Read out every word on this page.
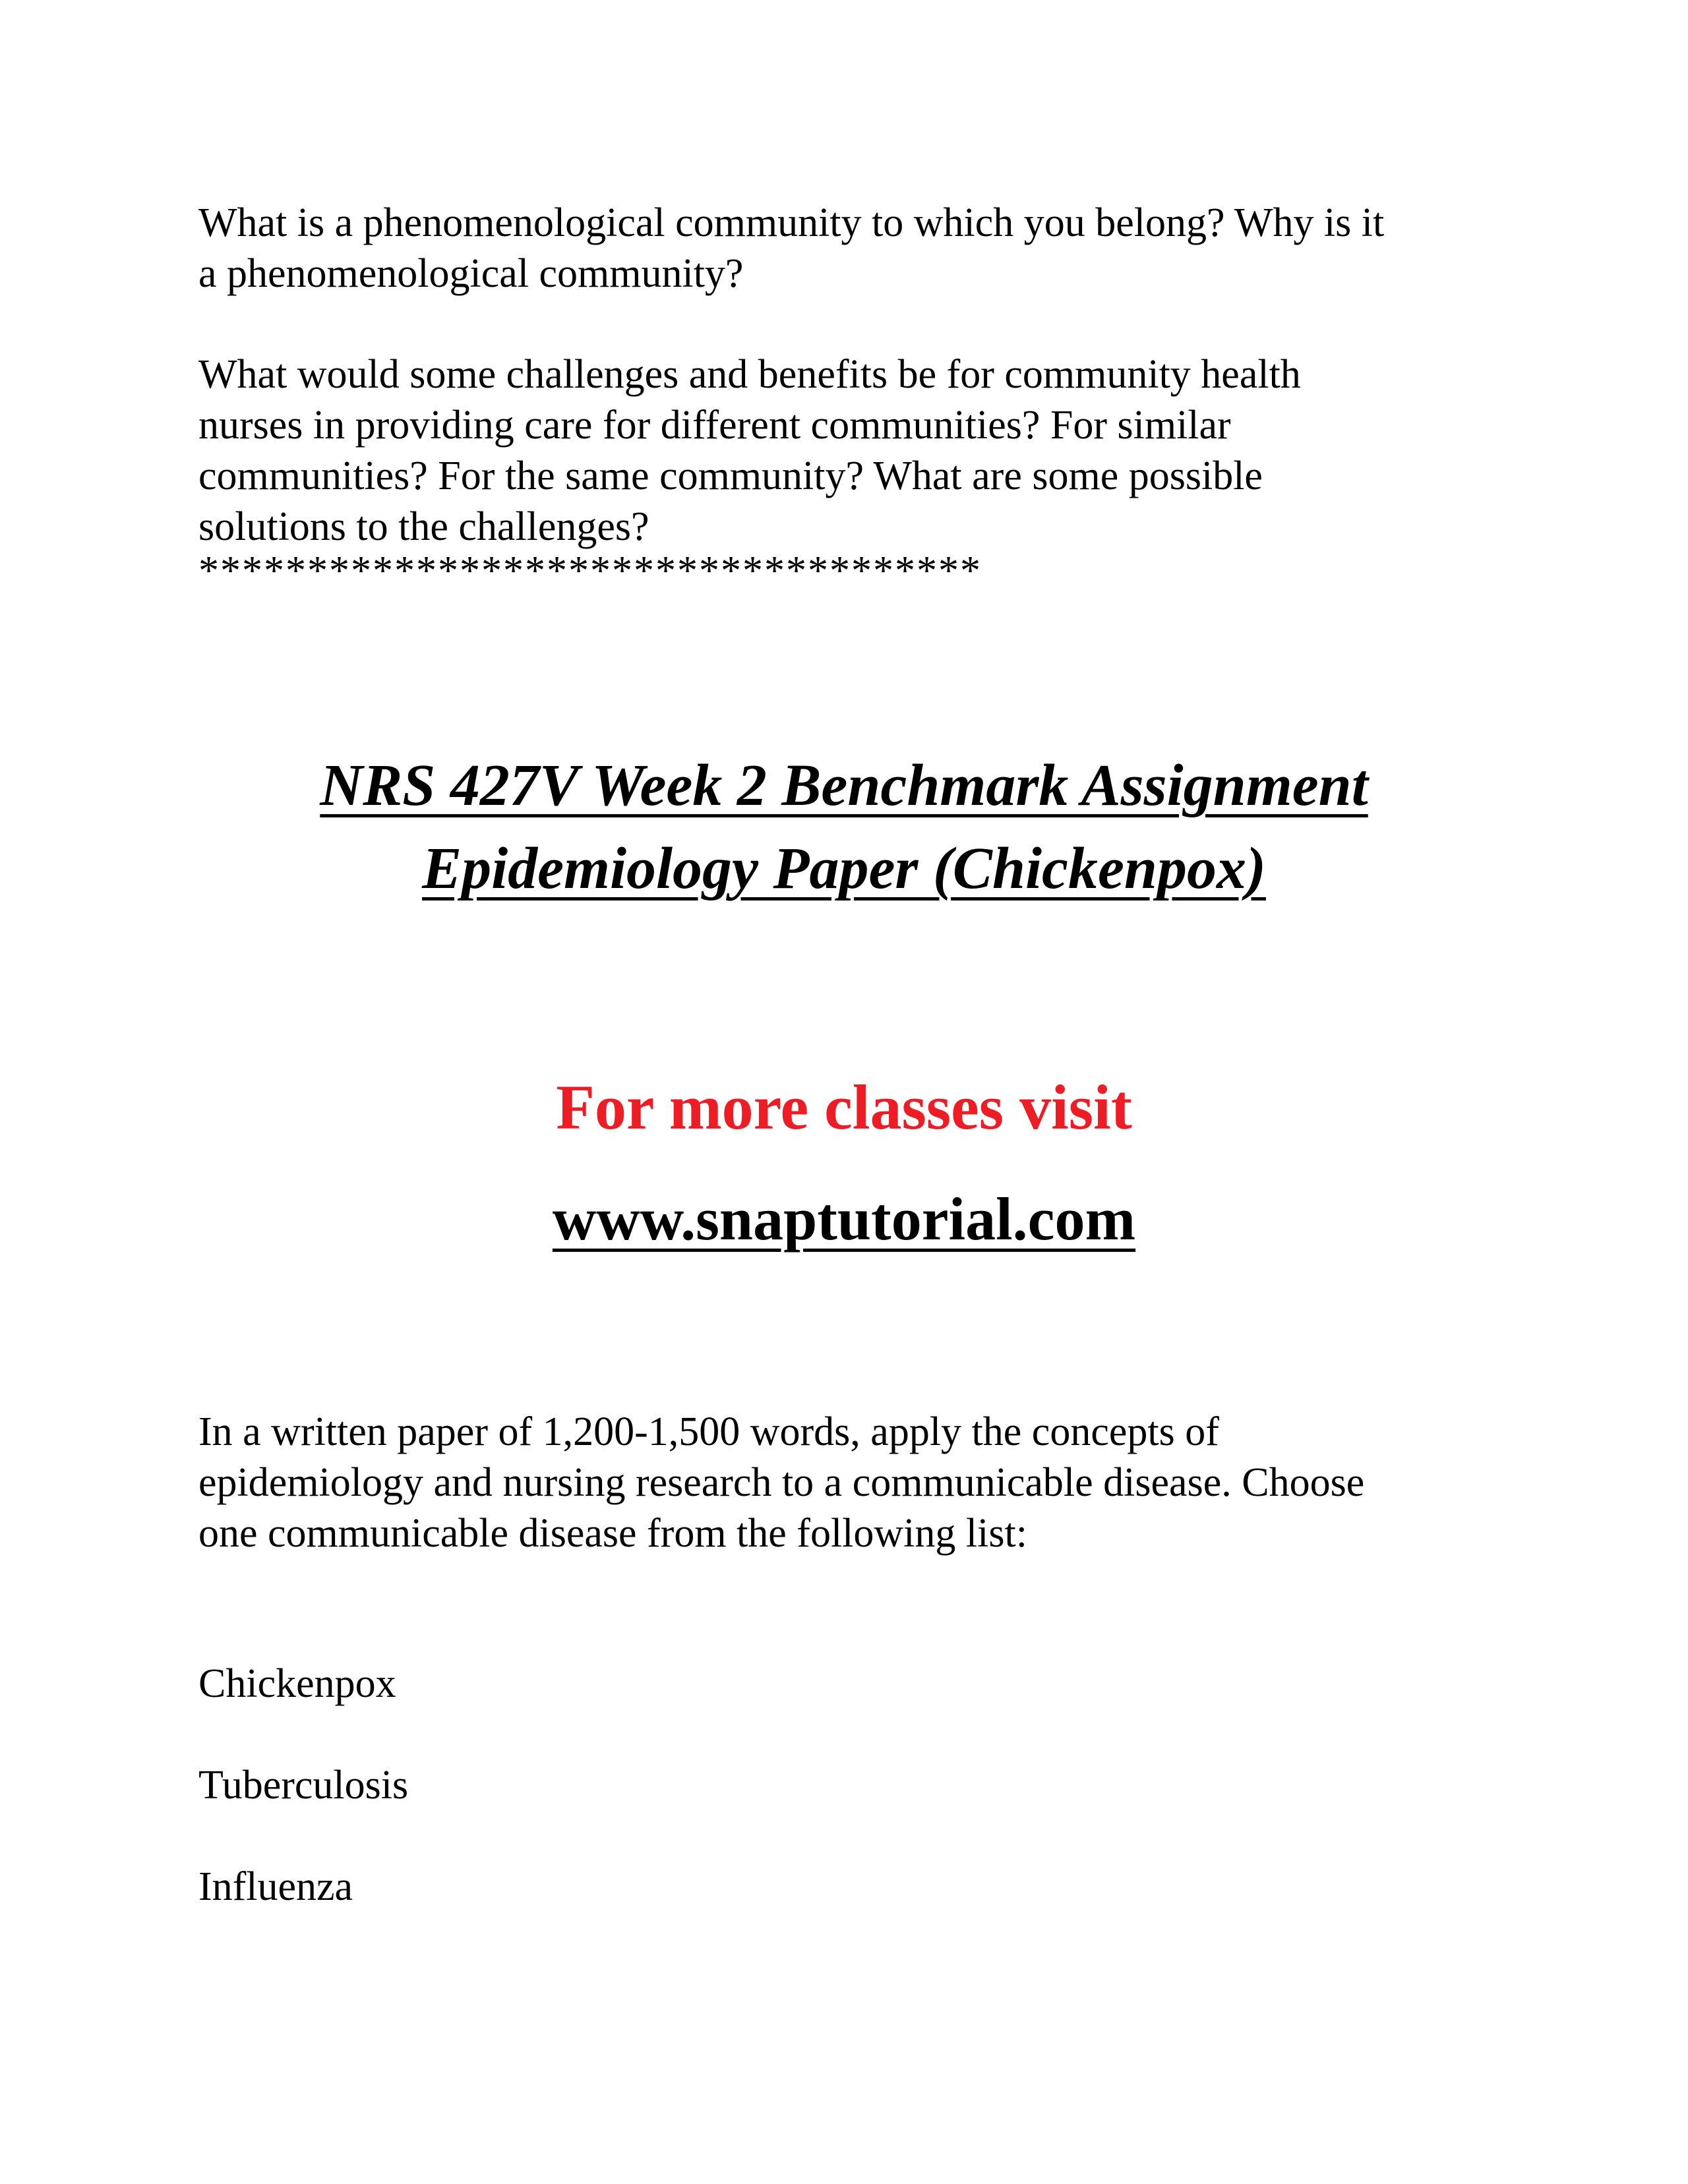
What is a phenomenological community to which you belong? Why is it
a phenomenological community?

What would some challenges and benefits be for community health
nurses in providing care for different communities? For similar
communities? For the same community? What are some possible
solutions to the challenges?

************************************

NRS 427V Week 2 Benchmark Assignment

Epidemiology Paper (Chickenpox)

For more classes visit

www.snaptutorial.com

In a written paper of 1,200-1,500 words, apply the concepts of
epidemiology and nursing research to a communicable disease. Choose
one communicable disease from the following list:

Chickenpox

Tuberculosis

Influenza
